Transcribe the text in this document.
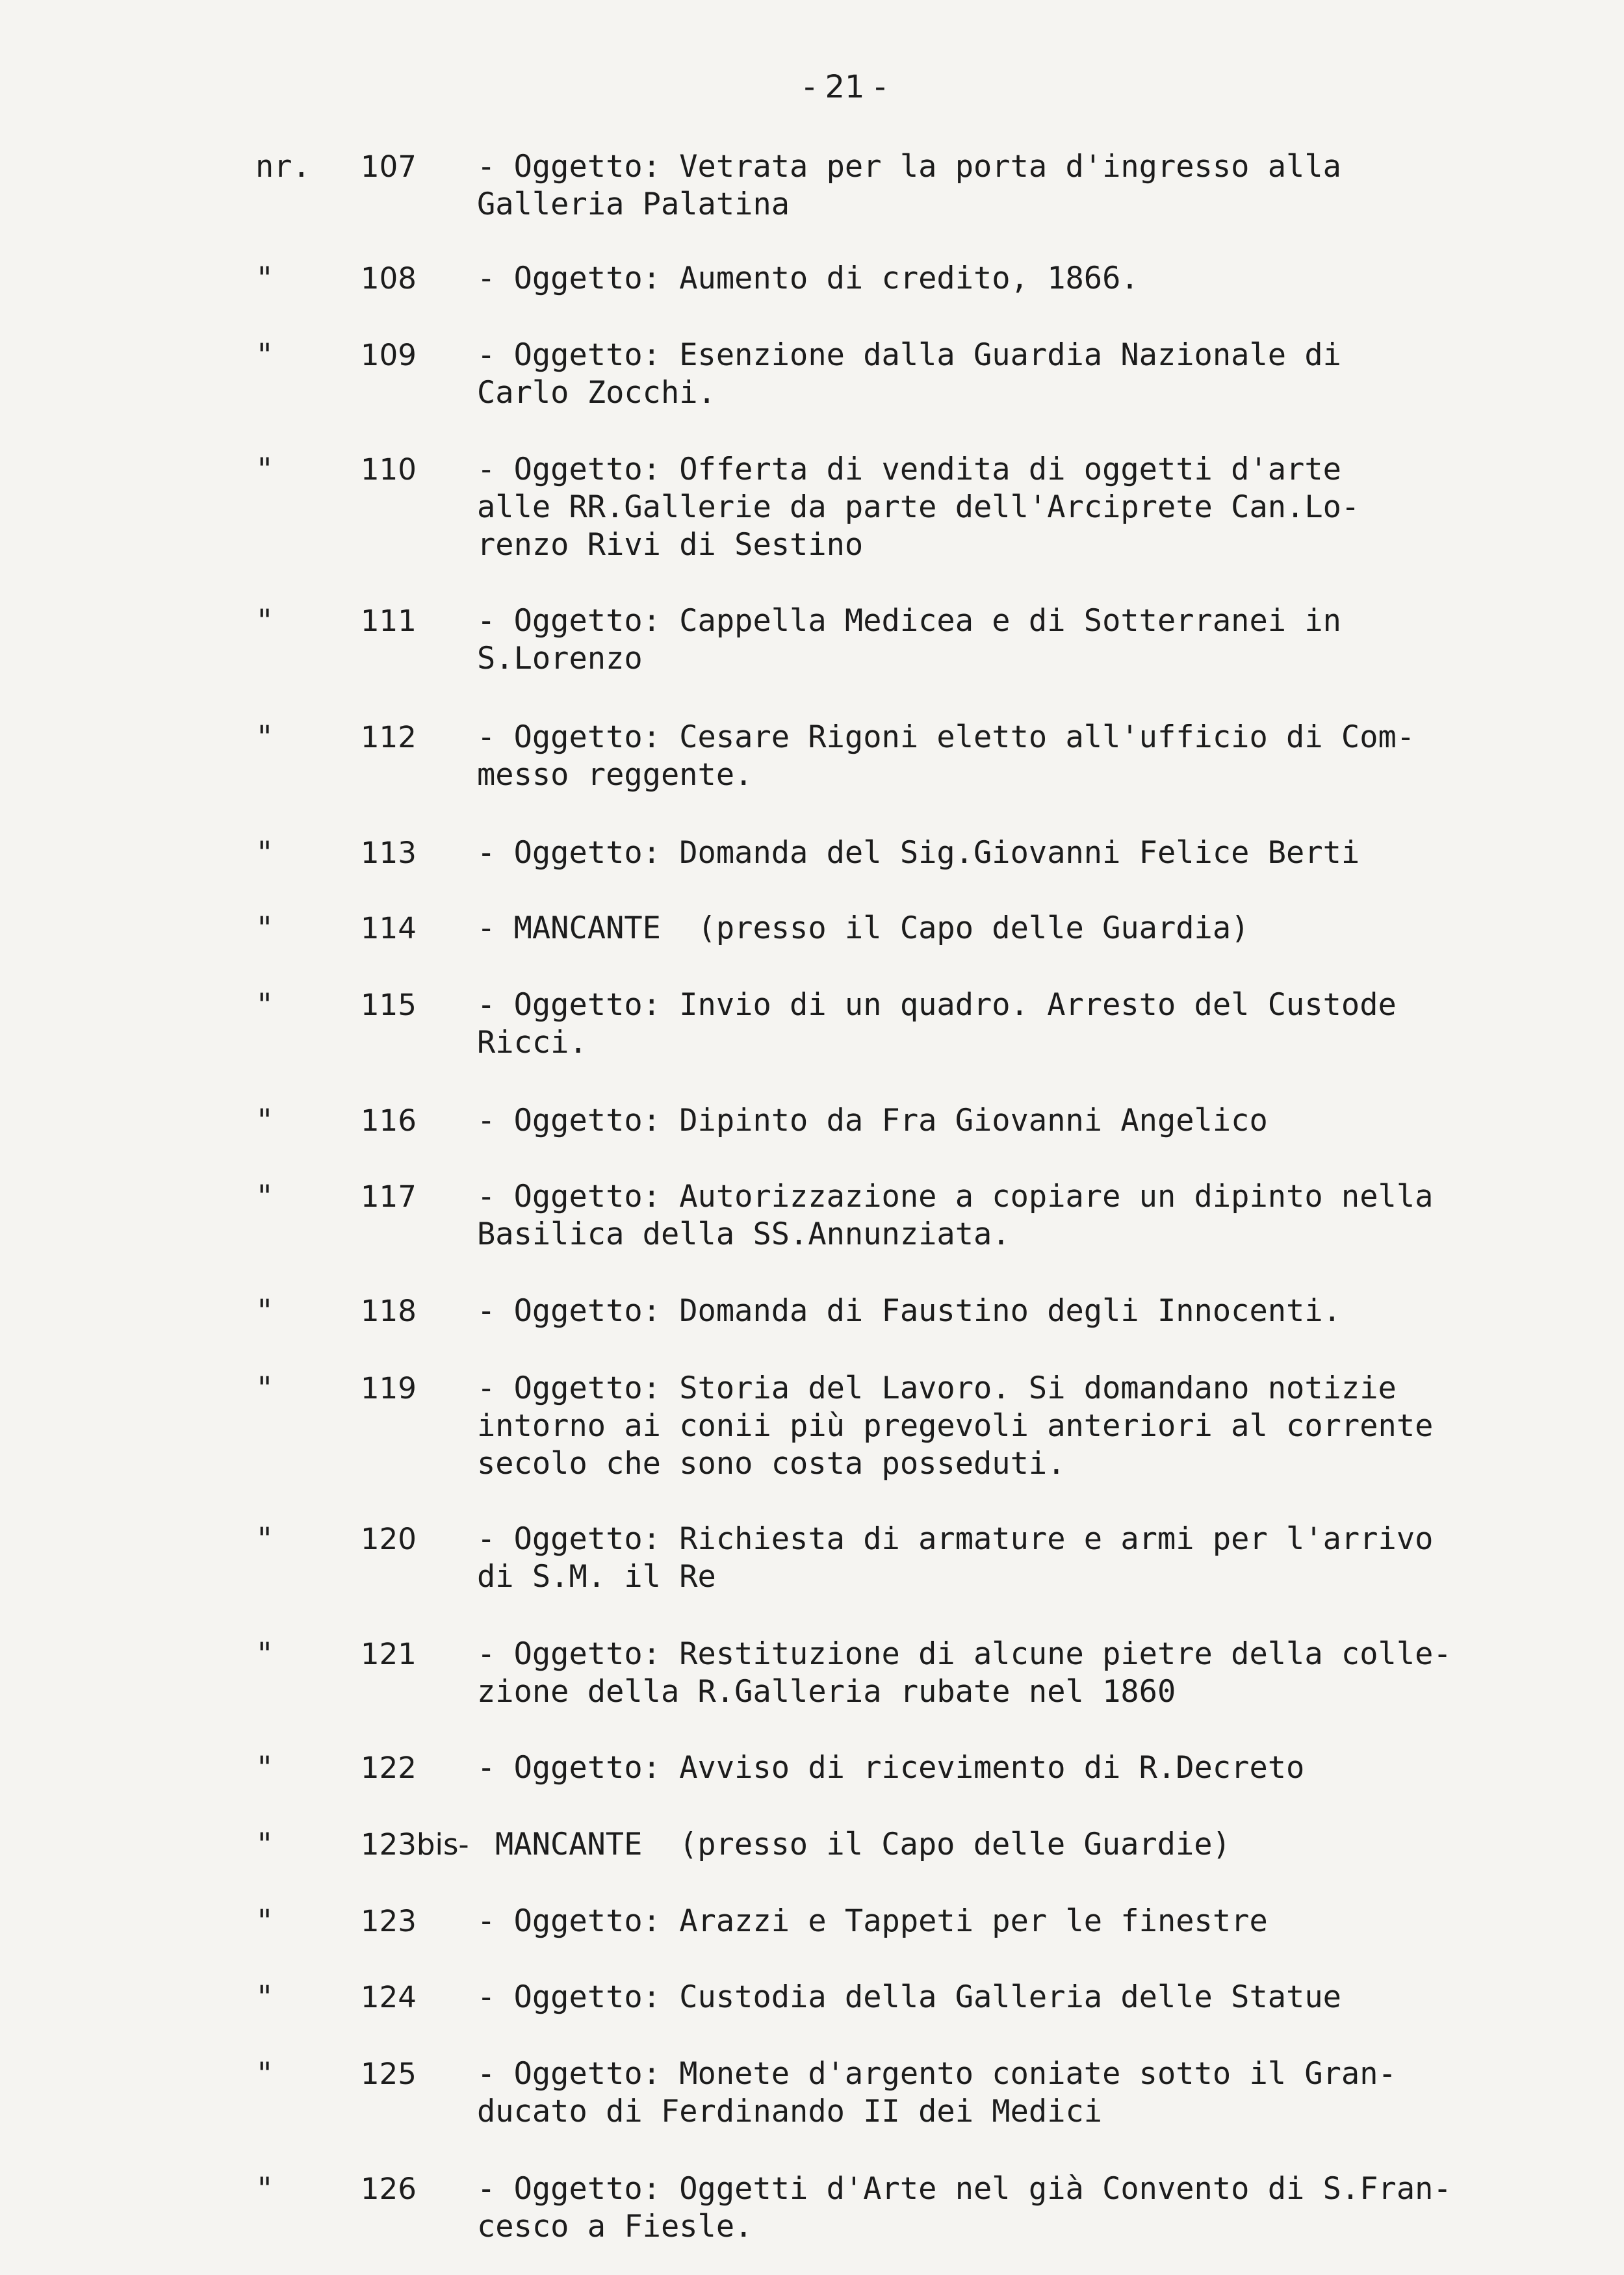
- 21 -
nr.	107 - Oggetto: Vetrata per la porta d'ingresso alla
Galleria Palatina
"	108 - Oggetto: Aumento di credito, 1866.
"	109 - Oggetto: Esenzione dalla Guardia Nazionale di
Carlo Zocchi.
"	110 - Oggetto: Offerta di vendita di oggetti d'arte
alle RR.Gallerie da parte dell'Arciprete Can.Lo-
renzo Rivi di Sestino
"	111 - Oggetto: Cappella Medicea e di Sotterranei in
S.Lorenzo
"	112 - Oggetto: Cesare Rigoni eletto all'ufficio di Com-
messo reggente.
"	113 - Oggetto: Domanda del Sig.Giovanni Felice Berti
"	114 - MANCANTE  (presso il Capo delle Guardia)
"	115 - Oggetto: Invio di un quadro. Arresto del Custode
Ricci.
"	116 - Oggetto: Dipinto da Fra Giovanni Angelico
"	117 - Oggetto: Autorizzazione a copiare un dipinto nella
Basilica della SS.Annunziata.
"	118 - Oggetto: Domanda di Faustino degli Innocenti.
"	119 - Oggetto: Storia del Lavoro. Si domandano notizie
intorno ai conii più pregevoli anteriori al corrente
secolo che sono costa posseduti.
"	120 - Oggetto: Richiesta di armature e armi per l'arrivo
di S.M. il Re
"	121 - Oggetto: Restituzione di alcune pietre della colle-
zione della R.Galleria rubate nel 1860
"	122 - Oggetto: Avviso di ricevimento di R.Decreto
"	123bis- MANCANTE  (presso il Capo delle Guardie)
"	123 - Oggetto: Arazzi e Tappeti per le finestre
"	124 - Oggetto: Custodia della Galleria delle Statue
"	125 - Oggetto: Monete d'argento coniate sotto il Gran-
ducato di Ferdinando II dei Medici
"	126 - Oggetto: Oggetti d'Arte nel già Convento di S.Fran-
cesco a Fiesle.
